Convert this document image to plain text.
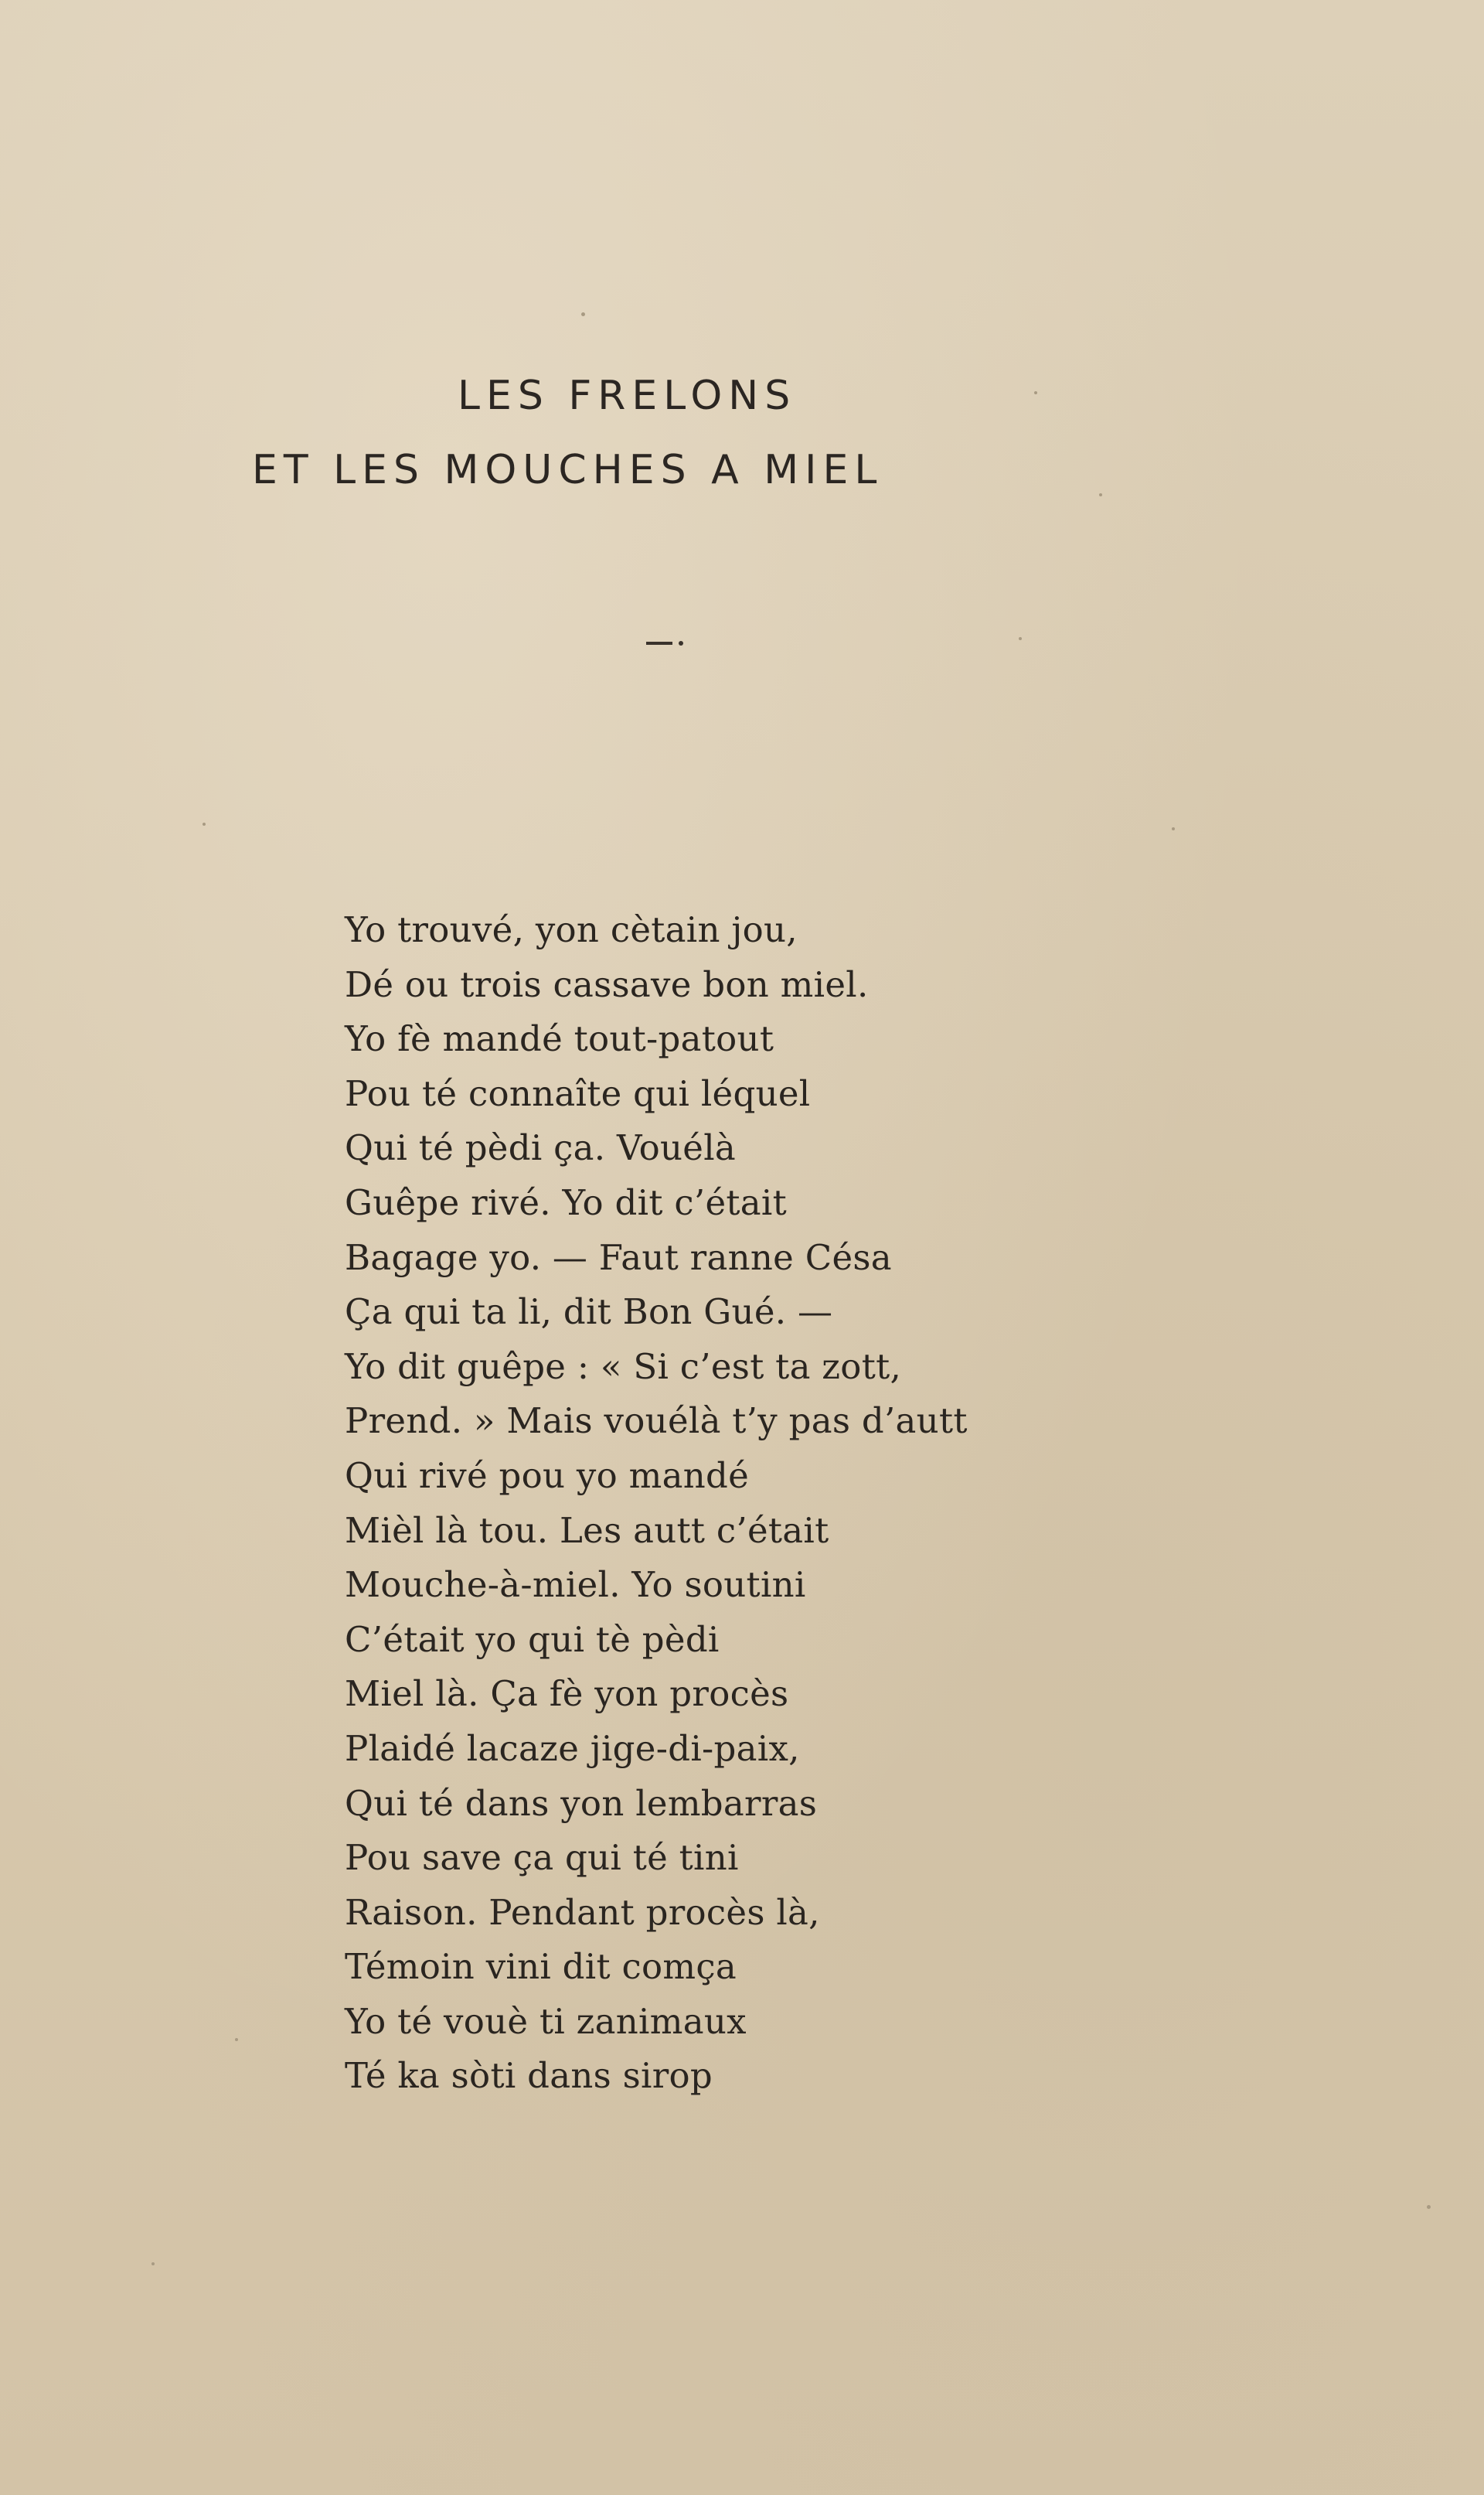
LES FRELONS
ET LES MOUCHES A MIEL
Yo trouvé, yon cètain jou,
Dé ou trois cassave bon miel.
Yo fè mandé tout-patout
Pou té connaîte qui léquel
Qui té pèdi ça. Vouélà
Guêpe rivé. Yo dit c’était
Bagage yo. — Faut ranne Césa
Ça qui ta li, dit Bon Gué. —
Yo dit guêpe : « Si c’est ta zott,
Prend. » Mais vouélà t’y pas d’autt
Qui rivé pou yo mandé
Mièl là tou. Les autt c’était
Mouche-à-miel. Yo soutini
C’était yo qui tè pèdi
Miel là. Ça fè yon procès
Plaidé lacaze jige-di-paix,
Qui té dans yon lembarras
Pou save ça qui té tini
Raison. Pendant procès là,
Témoin vini dit comça
Yo té vouè ti zanimaux
Té ka sòti dans sirop
